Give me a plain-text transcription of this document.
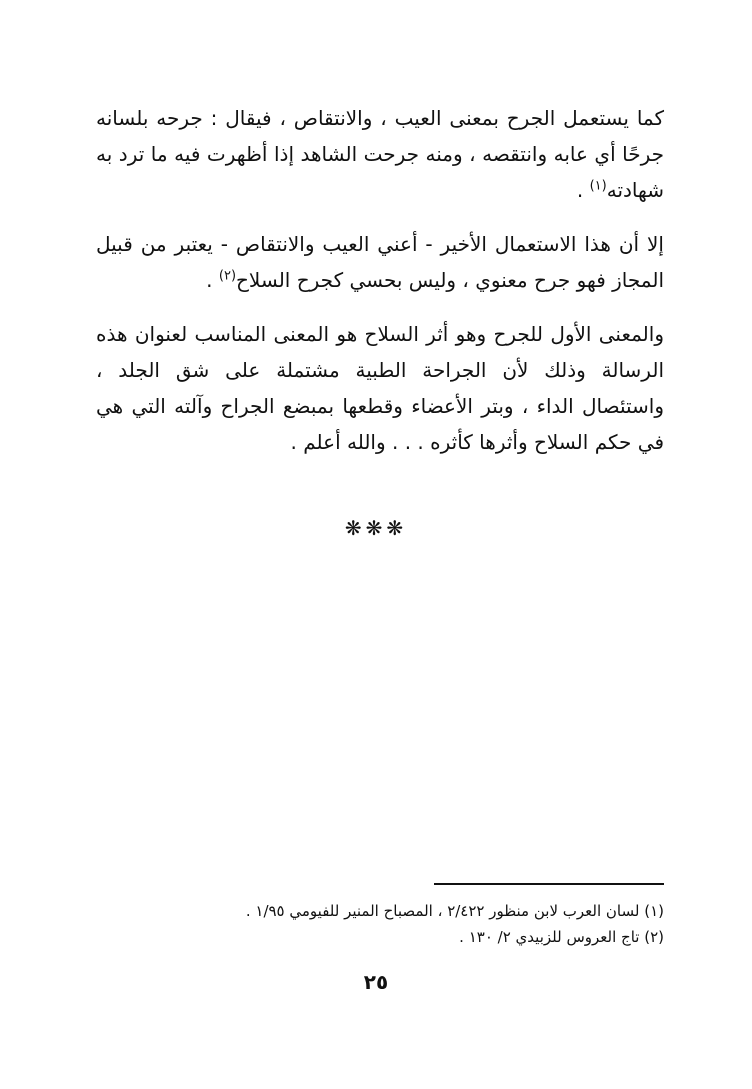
كما يستعمل الجرح بمعنى العيب ، والانتقاص ، فيقال : جرحه بلسانه جرحًا أي عابه وانتقصه ، ومنه جرحت الشاهد إذا أظهرت فيه ما ترد به شهادته$^{(١)}$ .

إلا أن هذا الاستعمال الأخير - أعني العيب والانتقاص - يعتبر من قبيل المجاز فهو جرح معنوي ، وليس بحسي كجرح السلاح$^{(٢)}$ .

والمعنى الأول للجرح وهو أثر السلاح هو المعنى المناسب لعنوان هذه الرسالة وذلك لأن الجراحة الطبية مشتملة على شق الجلد ، واستئصال الداء ، وبتر الأعضاء وقطعها بمبضع الجراح وآلته التي هي في حكم السلاح وأثرها كأثره . . . والله أعلم .

❋❋❋

(١) لسان العرب لابن منظور ٢/٤٢٢ ، المصباح المنير للفيومي ١/٩٥ .

(٢) تاج العروس للزبيدي ٢/ ١٣٠ .

٢٥
